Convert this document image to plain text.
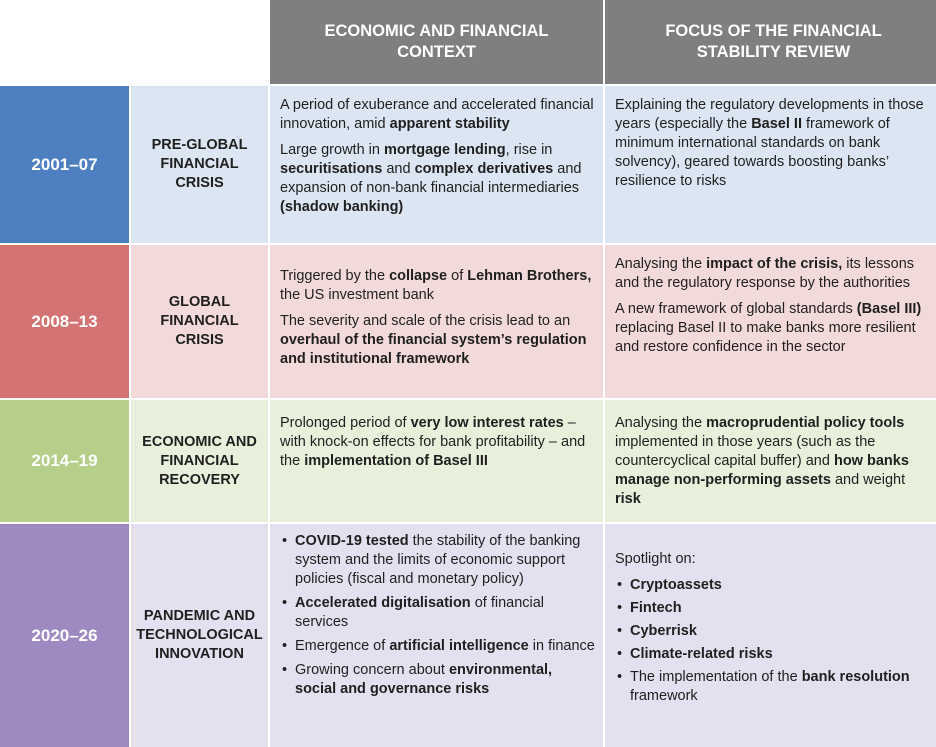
ECONOMIC AND FINANCIAL CONTEXT
FOCUS OF THE FINANCIAL STABILITY REVIEW
2001–07
PRE-GLOBAL FINANCIAL CRISIS

A period of exuberance and accelerated financial innovation, amid apparent stability

Large growth in mortgage lending, rise in securitisations and complex derivatives and expansion of non-bank financial intermediaries (shadow banking)

Explaining the regulatory developments in those years (especially the Basel II framework of minimum international standards on bank solvency), geared towards boosting banks’ resilience to risks

2008–13
GLOBAL FINANCIAL CRISIS

Triggered by the collapse of Lehman Brothers, the US investment bank

The severity and scale of the crisis lead to an overhaul of the financial system’s regulation and institutional framework

Analysing the impact of the crisis, its lessons and the regulatory response by the authorities

A new framework of global standards (Basel III) replacing Basel II to make banks more resilient and restore confidence in the sector

2014–19
ECONOMIC AND FINANCIAL RECOVERY

Prolonged period of very low interest rates – with knock-on effects for bank profitability – and the implementation of Basel III

Analysing the macroprudential policy tools implemented in those years (such as the countercyclical capital buffer) and how banks manage non-performing assets and weight risk

2020–26
PANDEMIC AND TECHNOLOGICAL INNOVATION
• COVID-19 tested the stability of the banking system and the limits of economic support policies (fiscal and monetary policy)
• Accelerated digitalisation of financial services
• Emergence of artificial intelligence in finance
• Growing concern about environmental, social and governance risks

Spotlight on:

• Cryptoassets
• Fintech
• Cyberrisk
• Climate-related risks
• The implementation of the bank resolution framework
